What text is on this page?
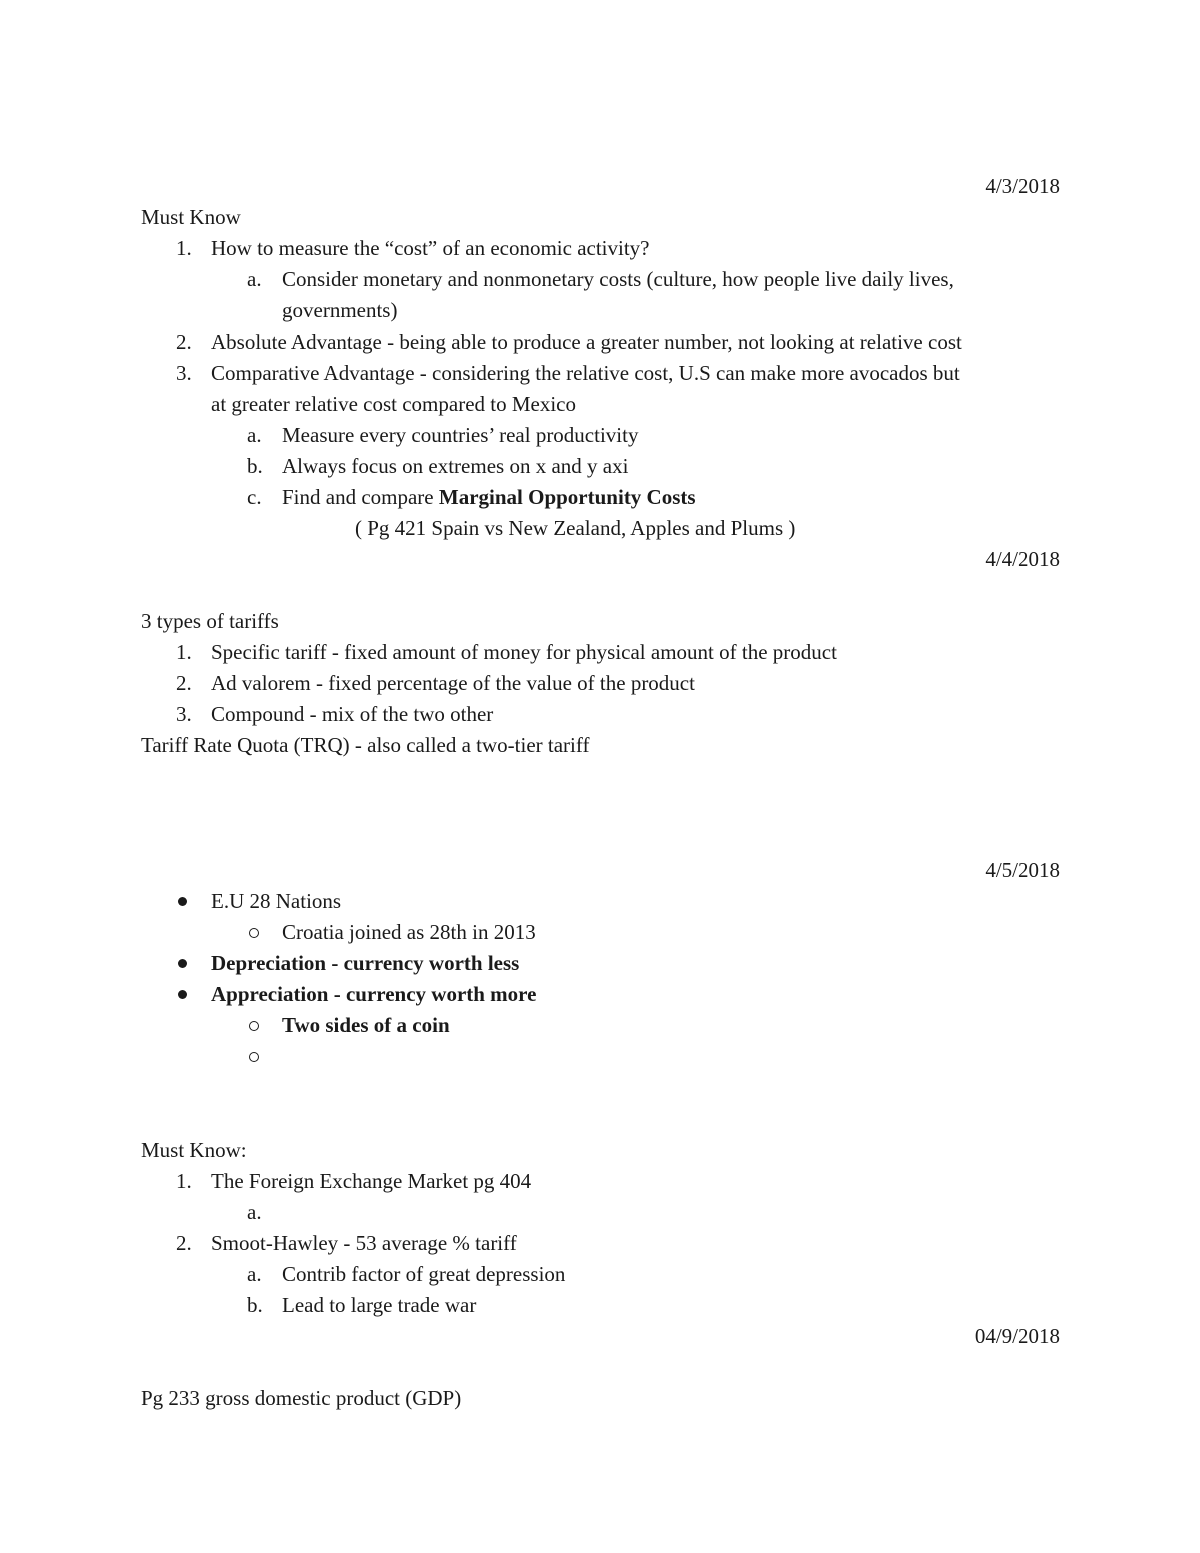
4/3/2018
Must Know
1. How to measure the “cost” of an economic activity?
a. Consider monetary and nonmonetary costs (culture, how people live daily lives,
governments)
2. Absolute Advantage - being able to produce a greater number, not looking at relative cost
3. Comparative Advantage - considering the relative cost, U.S can make more avocados but
at greater relative cost compared to Mexico
a. Measure every countries’ real productivity
b. Always focus on extremes on x and y axi
c. Find and compare Marginal Opportunity Costs
( Pg 421 Spain vs New Zealand, Apples and Plums )
4/4/2018
3 types of tariffs
1. Specific tariff - fixed amount of money for physical amount of the product
2. Ad valorem - fixed percentage of the value of the product
3. Compound - mix of the two other
Tariff Rate Quota (TRQ) - also called a two-tier tariff
4/5/2018
E.U 28 Nations
Croatia joined as 28th in 2013
Depreciation - currency worth less
Appreciation - currency worth more
Two sides of a coin
Must Know:
1. The Foreign Exchange Market pg 404
a.
2. Smoot-Hawley - 53 average % tariff
a. Contrib factor of great depression
b. Lead to large trade war
04/9/2018
Pg 233 gross domestic product (GDP)
